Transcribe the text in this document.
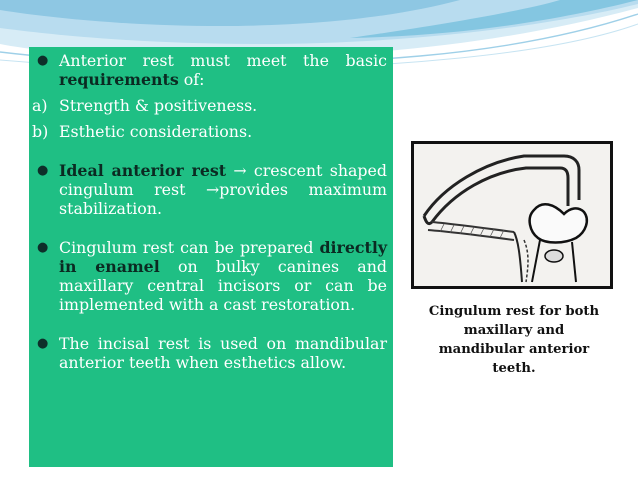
● Anterior rest must meet the basic requirements of:

a) Strength & positiveness.

b) Esthetic considerations.

● Ideal anterior rest → crescent shaped cingulum rest →provides maximum stabilization.

● Cingulum rest can be prepared directly in enamel on bulky canines and maxillary central incisors or can be implemented with a cast restoration.

● The incisal rest is used on mandibular anterior teeth when esthetics allow.

Cingulum rest for both maxillary and mandibular anterior teeth.
